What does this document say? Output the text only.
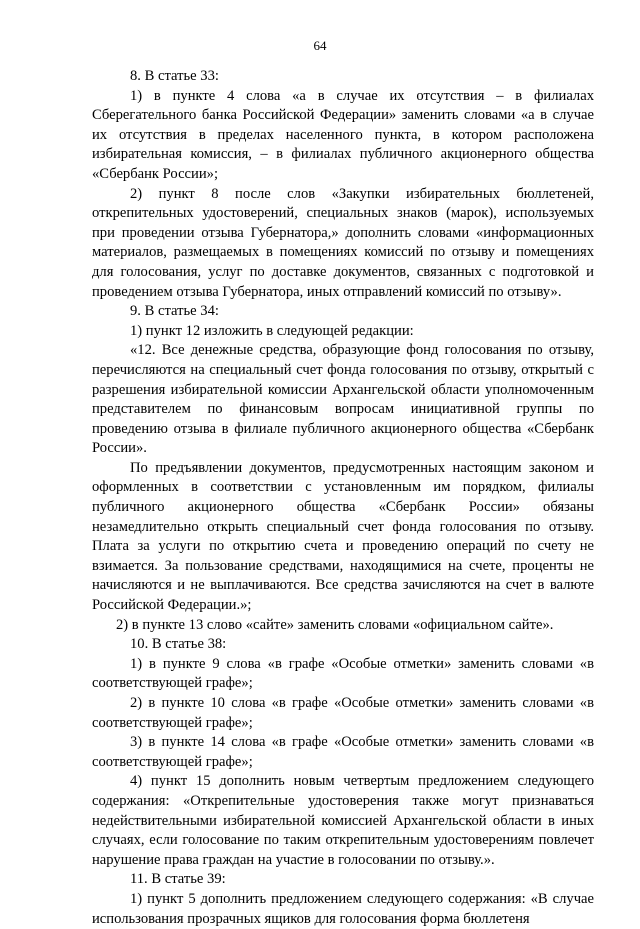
64

8. В статье 33:

1) в пункте 4 слова «а в случае их отсутствия – в филиалах Сберегательного банка Российской Федерации» заменить словами «а в случае их отсутствия в пределах населенного пункта, в котором расположена избирательная комиссия, – в филиалах публичного акционерного общества «Сбербанк России»;

2) пункт 8 после слов «Закупки избирательных бюллетеней, открепительных удостоверений, специальных знаков (марок), используемых при проведении отзыва Губернатора,» дополнить словами «информационных материалов, размещаемых в помещениях комиссий по отзыву и помещениях для голосования, услуг по доставке документов, связанных с подготовкой и проведением отзыва Губернатора, иных отправлений комиссий по отзыву».

9. В статье 34:

1) пункт 12 изложить в следующей редакции:

«12. Все денежные средства, образующие фонд голосования по отзыву, перечисляются на специальный счет фонда голосования по отзыву, открытый с разрешения избирательной комиссии Архангельской области уполномоченным представителем по финансовым вопросам инициативной группы по проведению отзыва в филиале публичного акционерного общества «Сбербанк России».

По предъявлении документов, предусмотренных настоящим законом и оформленных в соответствии с установленным им порядком, филиалы публичного акционерного общества «Сбербанк России» обязаны незамедлительно открыть специальный счет фонда голосования по отзыву. Плата за услуги по открытию счета и проведению операций по счету не взимается. За пользование средствами, находящимися на счете, проценты не начисляются и не выплачиваются. Все средства зачисляются на счет в валюте Российской Федерации.»;

2) в пункте 13 слово «сайте» заменить словами «официальном сайте».

10. В статье 38:

1) в пункте 9 слова «в графе «Особые отметки» заменить словами «в соответствующей графе»;

2) в пункте 10 слова «в графе «Особые отметки» заменить словами «в соответствующей графе»;

3) в пункте 14 слова «в графе «Особые отметки» заменить словами «в соответствующей графе»;

4) пункт 15 дополнить новым четвертым предложением следующего содержания: «Открепительные удостоверения также могут признаваться недействительными избирательной комиссией Архангельской области в иных случаях, если голосование по таким открепительным удостоверениям повлечет нарушение права граждан на участие в голосовании по отзыву.».

11. В статье 39:

1) пункт 5 дополнить предложением следующего содержания: «В случае использования прозрачных ящиков для голосования форма бюллетеня
